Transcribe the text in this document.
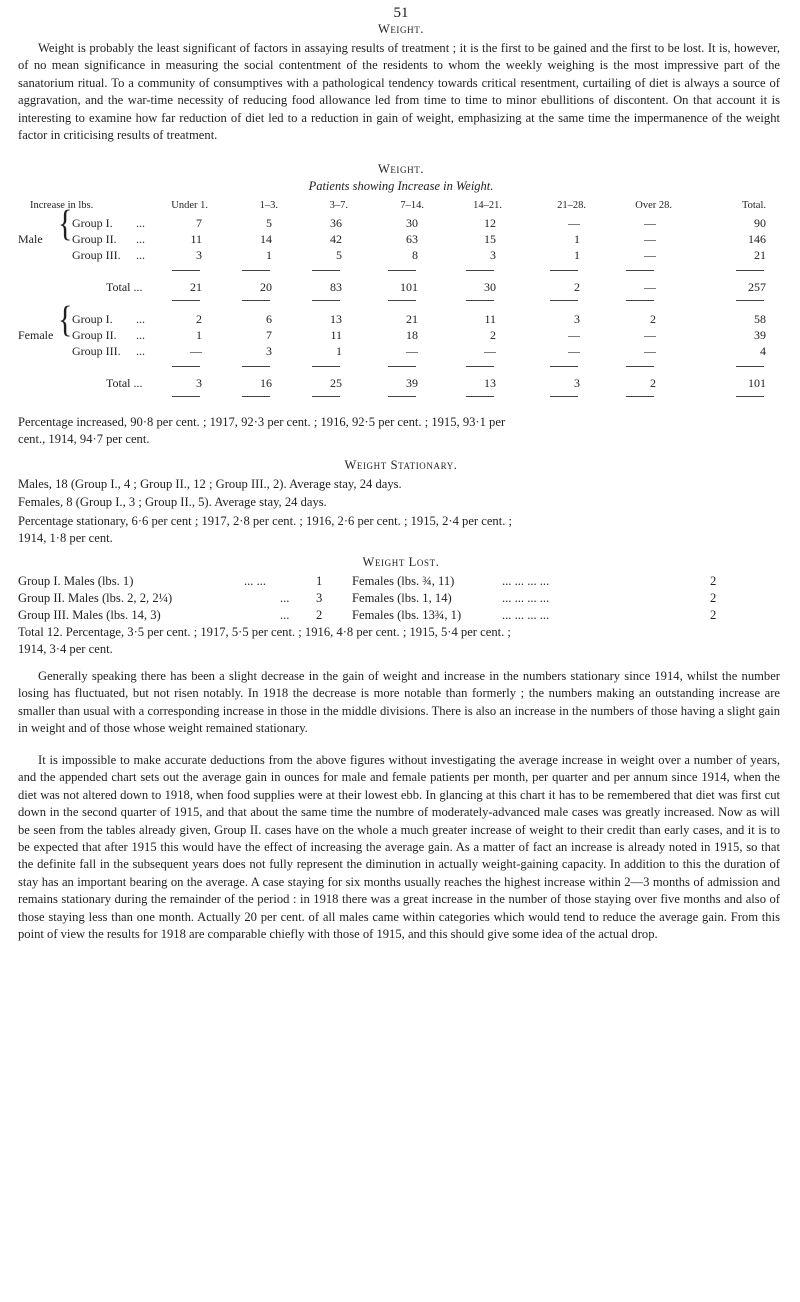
51
Weight.
Weight is probably the least significant of factors in assaying results of treatment ; it is the first to be gained and the first to be lost. It is, however, of no mean significance in measuring the social contentment of the residents to whom the weekly weighing is the most impressive part of the sanatorium ritual. To a community of consumptives with a pathological tendency towards critical resentment, curtailing of diet is always a source of aggravation, and the war-time necessity of reducing food allowance led from time to time to minor ebullitions of discontent. On that account it is interesting to examine how far reduction of diet led to a reduction in gain of weight, emphasizing at the same time the impermanence of the weight factor in criticising results of treatment.
Weight.
Patients showing Increase in Weight.
Increase in lbs.	Under 1.	1–3.	3–7.	7–14.	14–21.	21–28.	Over 28.	Total.
Male { Group I. ...	7	5	36	30	12	—	—	90
Group II. ...	11	14	42	63	15	1	—	146
Group III. ...	3	1	5	8	3	1	—	21
Total ...	21	20	83	101	30	2	—	257
Female { Group I. ...	2	6	13	21	11	3	2	58
Group II. ...	1	7	11	18	2	—	—	39
Group III. ...	—	3	1	—	—	—	—	4
Total ...	3	16	25	39	13	3	2	101
Percentage increased, 90·8 per cent. ; 1917, 92·3 per cent. ; 1916, 92·5 per cent. ; 1915, 93·1 per
cent., 1914, 94·7 per cent.
Weight Stationary.
Males, 18 (Group I., 4 ; Group II., 12 ; Group III., 2). Average stay, 24 days.
Females, 8 (Group I., 3 ; Group II., 5). Average stay, 24 days.
Percentage stationary, 6·6 per cent ; 1917, 2·8 per cent. ; 1916, 2·6 per cent. ; 1915, 2·4 per cent. ;
1914, 1·8 per cent.
Weight Lost.
Group I. Males (lbs. 1)	... ...	1 Females (lbs. ¾, 11)	... ... ... ...	2
Group II. Males (lbs. 2, 2, 2¼)	... 3 Females (lbs. 1, 14)	... ... ... ...	2
Group III. Males (lbs. 14, 3)	... 2 Females (lbs. 13¾, 1)	... ... ... ...	2
Total 12. Percentage, 3·5 per cent. ; 1917, 5·5 per cent. ; 1916, 4·8 per cent. ; 1915, 5·4 per cent. ;
1914, 3·4 per cent.
Generally speaking there has been a slight decrease in the gain of weight and increase in the numbers stationary since 1914, whilst the number losing has fluctuated, but not risen notably. In 1918 the decrease is more notable than formerly ; the numbers making an outstanding increase are smaller than usual with a corresponding increase in those in the middle divisions. There is also an increase in the numbers of those having a slight gain in weight and of those whose weight remained stationary.
It is impossible to make accurate deductions from the above figures without investigating the average increase in weight over a number of years, and the appended chart sets out the average gain in ounces for male and female patients per month, per quarter and per annum since 1914, when the diet was not altered down to 1918, when food supplies were at their lowest ebb. In glancing at this chart it has to be remembered that diet was first cut down in the second quarter of 1915, and that about the same time the numbre of moderately-advanced male cases was greatly increased. Now as will be seen from the tables already given, Group II. cases have on the whole a much greater increase of weight to their credit than early cases, and it is to be expected that after 1915 this would have the effect of increasing the average gain. As a matter of fact an increase is already noted in 1915, so that the definite fall in the subsequent years does not fully represent the diminution in actually weight-gaining capacity. In addition to this the duration of stay has an important bearing on the average. A case staying for six months usually reaches the highest increase within 2—3 months of admission and remains stationary during the remainder of the period : in 1918 there was a great increase in the number of those staying over five months and also of those staying less than one month. Actually 20 per cent. of all males came within categories which would tend to reduce the average gain. From this point of view the results for 1918 are comparable chiefly with those of 1915, and this should give some idea of the actual drop.
